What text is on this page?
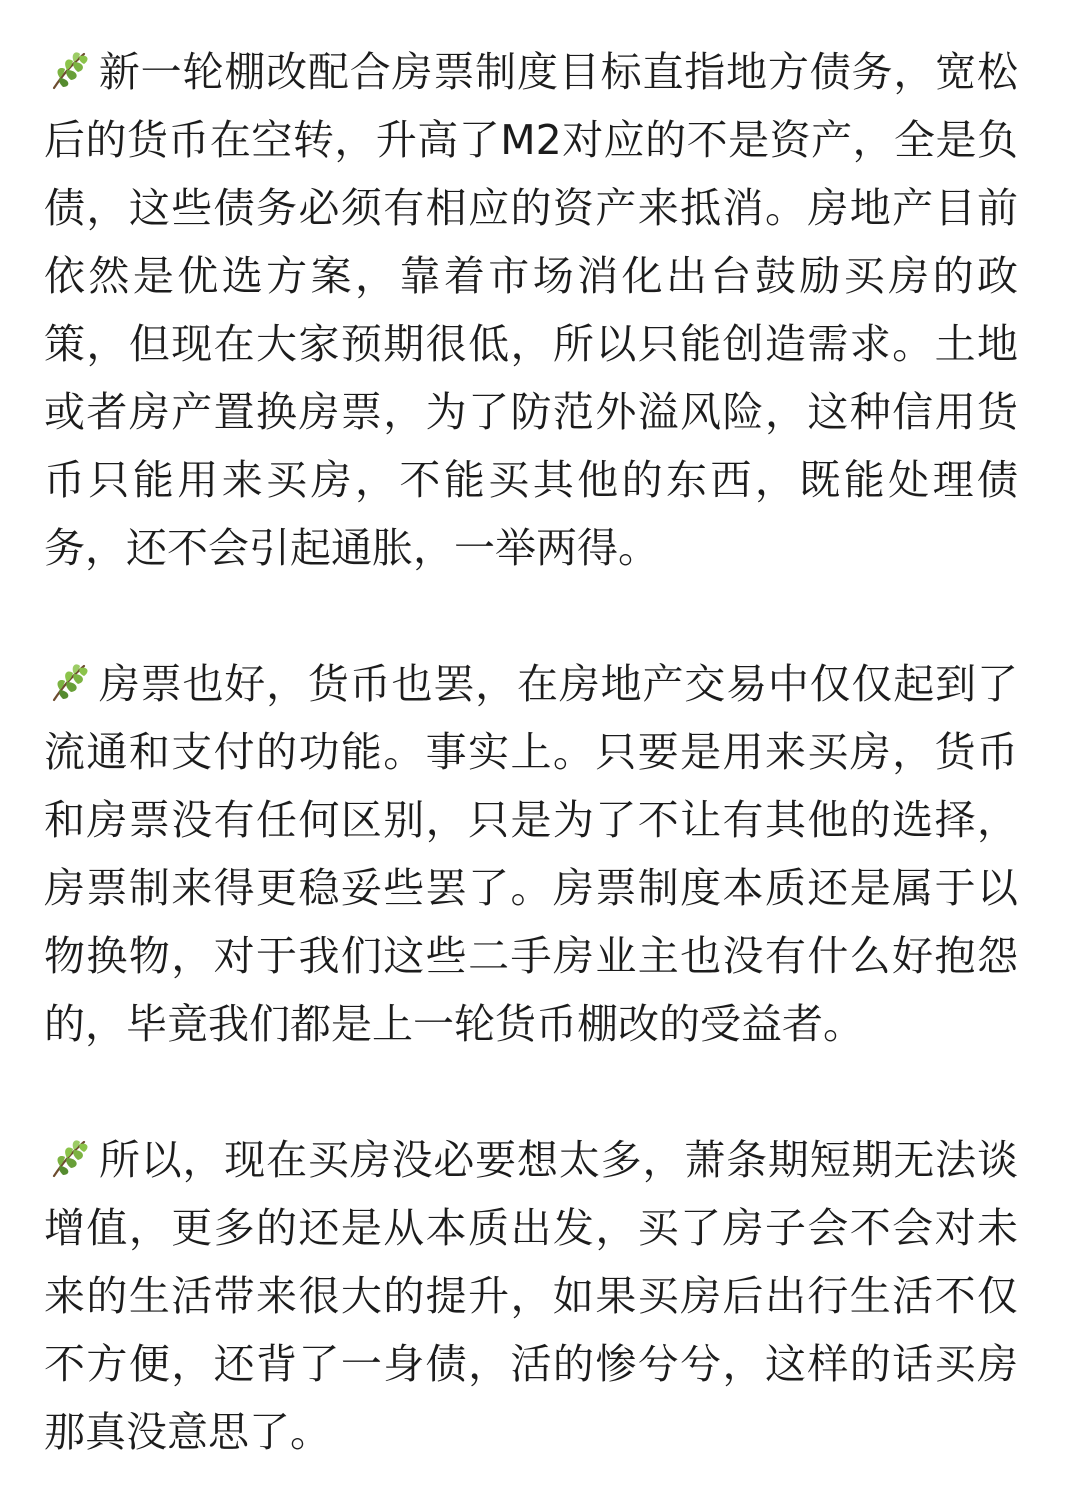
新一轮棚改配合房票制度目标直指地方债务，宽松后的货币在空转，升高了M2对应的不是资产，全是负债，这些债务必须有相应的资产来抵消。房地产目前依然是优选方案，靠着市场消化出台鼓励买房的政策，但现在大家预期很低，所以只能创造需求。土地或者房产置换房票，为了防范外溢风险，这种信用货币只能用来买房，不能买其他的东西，既能处理债务，还不会引起通胀，一举两得。

房票也好，货币也罢，在房地产交易中仅仅起到了流通和支付的功能。事实上。只要是用来买房，货币和房票没有任何区别，只是为了不让有其他的选择，房票制来得更稳妥些罢了。房票制度本质还是属于以物换物，对于我们这些二手房业主也没有什么好抱怨的，毕竟我们都是上一轮货币棚改的受益者。

所以，现在买房没必要想太多，萧条期短期无法谈增值，更多的还是从本质出发，买了房子会不会对未来的生活带来很大的提升，如果买房后出行生活不仅不方便，还背了一身债，活的惨兮兮，这样的话买房那真没意思了。
